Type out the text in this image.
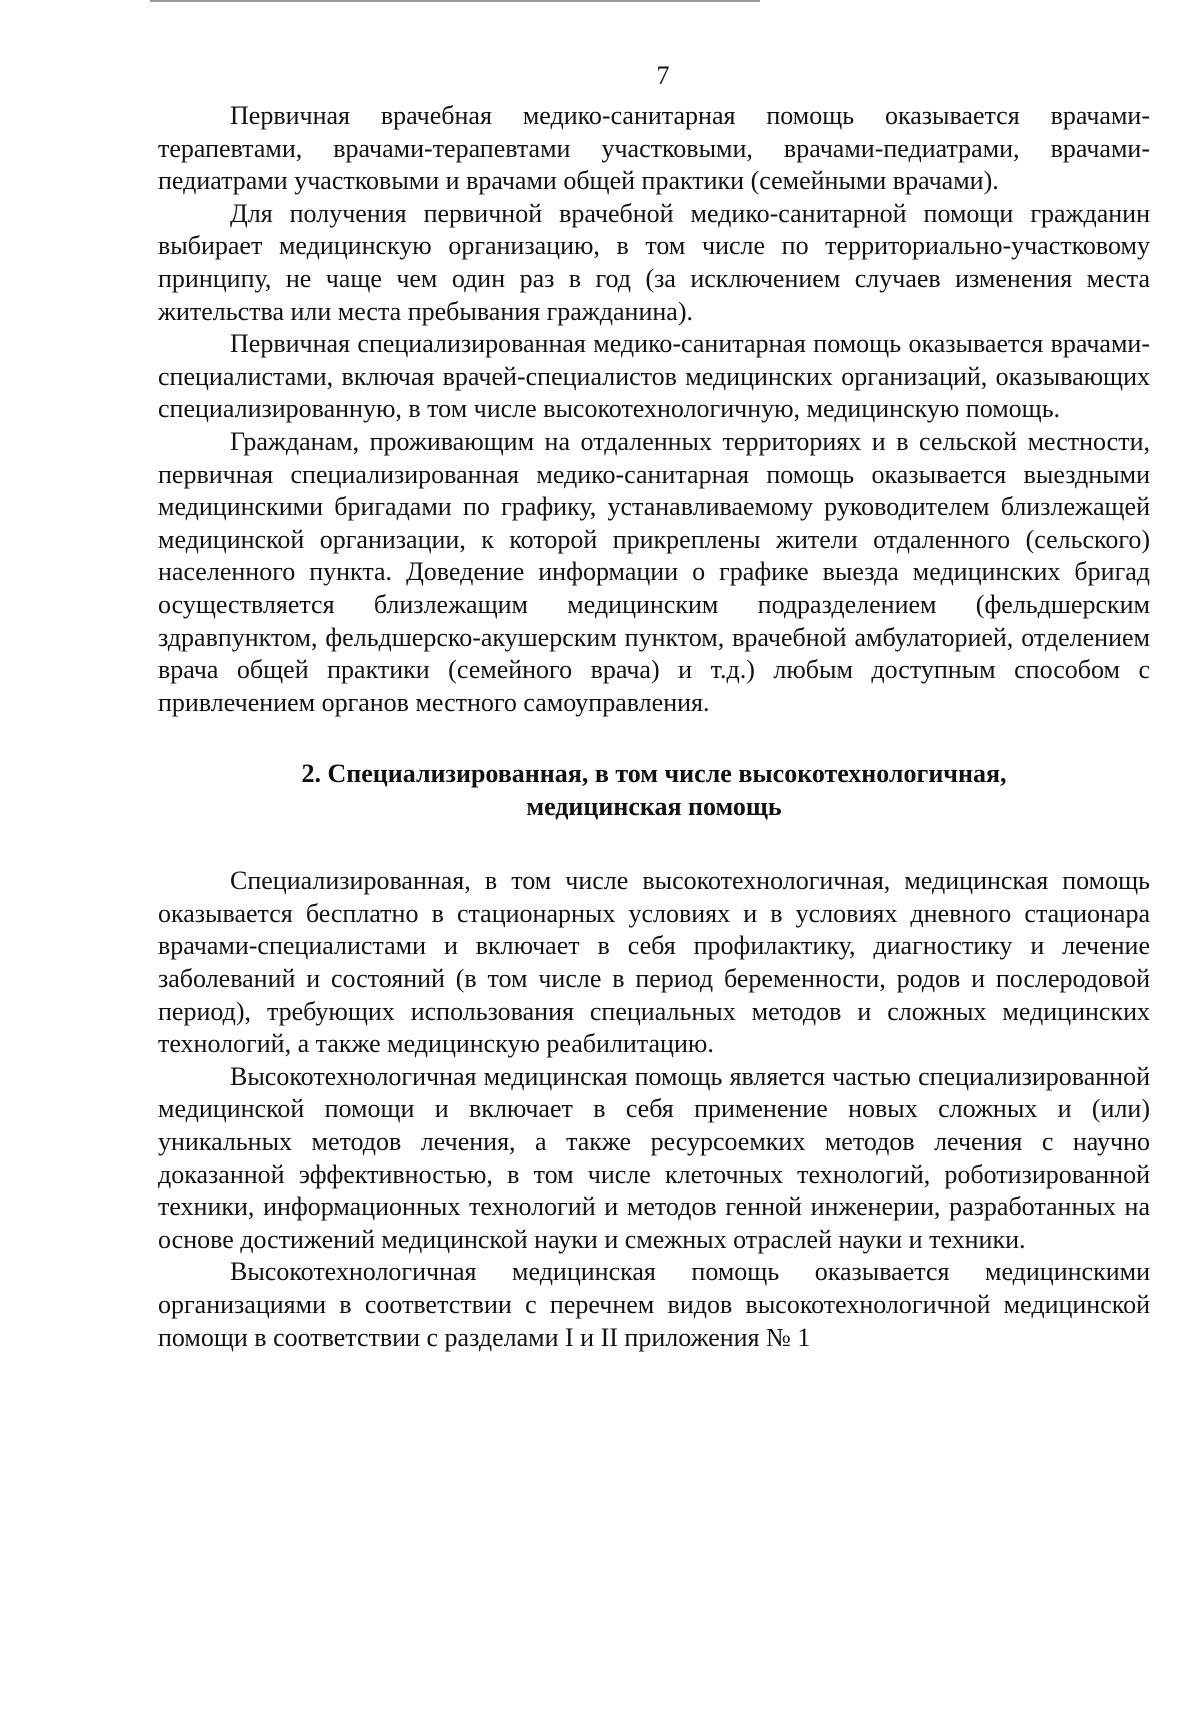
7

Первичная врачебная медико-санитарная помощь оказывается врачами-терапевтами, врачами-терапевтами участковыми, врачами-педиатрами, врачами-педиатрами участковыми и врачами общей практики (семейными врачами).

Для получения первичной врачебной медико-санитарной помощи гражданин выбирает медицинскую организацию, в том числе по территориально-участковому принципу, не чаще чем один раз в год (за исключением случаев изменения места жительства или места пребывания гражданина).

Первичная специализированная медико-санитарная помощь оказывается врачами-специалистами, включая врачей-специалистов медицинских организаций, оказывающих специализированную, в том числе высокотехнологичную, медицинскую помощь.

Гражданам, проживающим на отдаленных территориях и в сельской местности, первичная специализированная медико-санитарная помощь оказывается выездными медицинскими бригадами по графику, устанавливаемому руководителем близлежащей медицинской организации, к которой прикреплены жители отдаленного (сельского) населенного пункта. Доведение информации о графике выезда медицинских бригад осуществляется близлежащим медицинским подразделением (фельдшерским здравпунктом, фельдшерско-акушерским пунктом, врачебной амбулаторией, отделением врача общей практики (семейного врача) и т.д.) любым доступным способом с привлечением органов местного самоуправления.

2. Специализированная, в том числе высокотехнологичная,
медицинская помощь

Специализированная, в том числе высокотехнологичная, медицинская помощь оказывается бесплатно в стационарных условиях и в условиях дневного стационара врачами-специалистами и включает в себя профилактику, диагностику и лечение заболеваний и состояний (в том числе в период беременности, родов и послеродовой период), требующих использования специальных методов и сложных медицинских технологий, а также медицинскую реабилитацию.

Высокотехнологичная медицинская помощь является частью специализированной медицинской помощи и включает в себя применение новых сложных и (или) уникальных методов лечения, а также ресурсоемких методов лечения с научно доказанной эффективностью, в том числе клеточных технологий, роботизированной техники, информационных технологий и методов генной инженерии, разработанных на основе достижений медицинской науки и смежных отраслей науки и техники.

Высокотехнологичная медицинская помощь оказывается медицинскими организациями в соответствии с перечнем видов высокотехнологичной медицинской помощи в соответствии с разделами I и II приложения № 1
